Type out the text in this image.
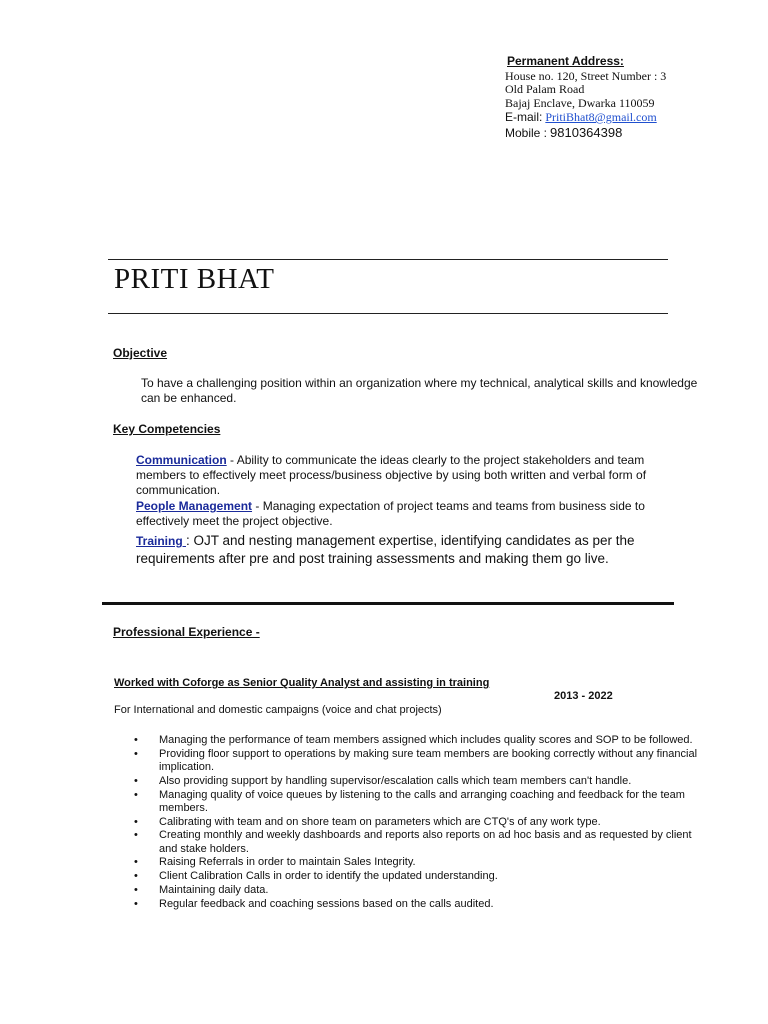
Permanent Address:
House no. 120, Street Number : 3
Old Palam Road
Bajaj Enclave, Dwarka 110059
E-mail: PritiBhat8@gmail.com
Mobile : 9810364398
PRITI BHAT
Objective
To have a challenging position within an organization where my technical, analytical skills and knowledge can be enhanced.
Key Competencies
Communication - Ability to communicate the ideas clearly to the project stakeholders and team members to effectively meet process/business objective by using both written and verbal form of communication.
People Management - Managing expectation of project teams and teams from business side to effectively meet the project objective.
Training : OJT and nesting management expertise, identifying candidates as per the requirements after pre and post training assessments and making them go live.
Professional Experience -
Worked with Coforge as Senior Quality Analyst and assisting in training
2013 - 2022
For International and domestic campaigns (voice and chat projects)
• Managing the performance of team members assigned which includes quality scores and SOP to be followed.
• Providing floor support to operations by making sure team members are booking correctly without any financial implication.
• Also providing support by handling supervisor/escalation calls which team members can't handle.
• Managing quality of voice queues by listening to the calls and arranging coaching and feedback for the team members.
• Calibrating with team and on shore team on parameters which are CTQ's of any work type.
• Creating monthly and weekly dashboards and reports also reports on ad hoc basis and as requested by client and stake holders.
• Raising Referrals in order to maintain Sales Integrity.
• Client Calibration Calls in order to identify the updated understanding.
• Maintaining daily data.
• Regular feedback and coaching sessions based on the calls audited.
